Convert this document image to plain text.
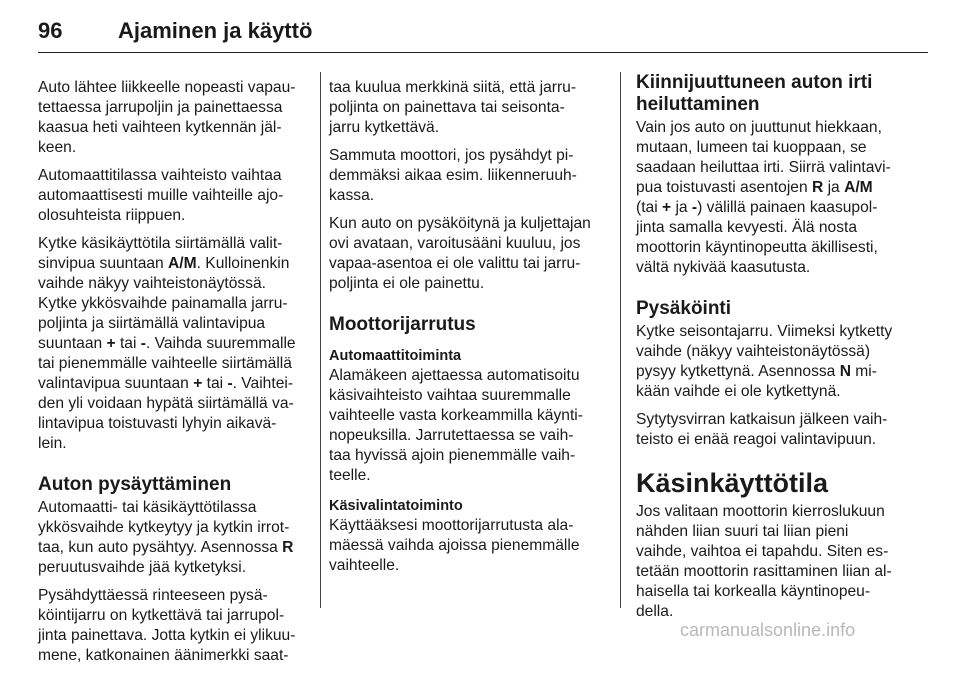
96	Ajaminen ja käyttö

Auto lähtee liikkeelle nopeasti vapau-
tettaessa jarrupoljin ja painettaessa
kaasua heti vaihteen kytkennän jäl-
keen.

Automaattitilassa vaihteisto vaihtaa
automaattisesti muille vaihteille ajo-
olosuhteista riippuen.

Kytke käsikäyttötila siirtämällä valit-
sinvipua suuntaan A/M. Kulloinenkin
vaihde näkyy vaihteistonäytössä.
Kytke ykkösvaihde painamalla jarru-
poljinta ja siirtämällä valintavipua
suuntaan + tai -. Vaihda suuremmalle
tai pienemmälle vaihteelle siirtämällä
valintavipua suuntaan + tai -. Vaihtei-
den yli voidaan hypätä siirtämällä va-
lintavipua toistuvasti lyhyin aikavä-
lein.

Auton pysäyttäminen

Automaatti- tai käsikäyttötilassa
ykkösvaihde kytkeytyy ja kytkin irrot-
taa, kun auto pysähtyy. Asennossa R
peruutusvaihde jää kytketyksi.

Pysähdyttäessä rinteeseen pysä-
köintijarru on kytkettävä tai jarrupol-
jinta painettava. Jotta kytkin ei ylikuu-
mene, katkonainen äänimerkki saat-

taa kuulua merkkinä siitä, että jarru-
poljinta on painettava tai seisonta-
jarru kytkettävä.

Sammuta moottori, jos pysähdyt pi-
demmäksi aikaa esim. liikenneruuh-
kassa.

Kun auto on pysäköitynä ja kuljettajan
ovi avataan, varoitusääni kuuluu, jos
vapaa-asentoa ei ole valittu tai jarru-
poljinta ei ole painettu.

Moottorijarrutus
Automaattitoiminta

Alamäkeen ajettaessa automatisoitu
käsivaihteisto vaihtaa suuremmalle
vaihteelle vasta korkeammilla käynti-
nopeuksilla. Jarrutettaessa se vaih-
taa hyvissä ajoin pienemmälle vaih-
teelle.

Käsivalintatoiminto

Käyttääksesi moottorijarrutusta ala-
mäessä vaihda ajoissa pienemmälle
vaihteelle.

Kiinnijuuttuneen auton irti
heiluttaminen

Vain jos auto on juuttunut hiekkaan,
mutaan, lumeen tai kuoppaan, se
saadaan heiluttaa irti. Siirrä valintavi-
pua toistuvasti asentojen R ja A/M
(tai + ja -) välillä painaen kaasupol-
jinta samalla kevyesti. Älä nosta
moottorin käyntinopeutta äkillisesti,
vältä nykivää kaasutusta.

Pysäköinti

Kytke seisontajarru. Viimeksi kytketty
vaihde (näkyy vaihteistonäytössä)
pysyy kytkettynä. Asennossa N mi-
kään vaihde ei ole kytkettynä.

Sytytysvirran katkaisun jälkeen vaih-
teisto ei enää reagoi valintavipuun.

Käsinkäyttötila

Jos valitaan moottorin kierroslukuun
nähden liian suuri tai liian pieni
vaihde, vaihtoa ei tapahdu. Siten es-
tetään moottorin rasittaminen liian al-
haisella tai korkealla käyntinopeu-
della.

carmanualsonline.info
